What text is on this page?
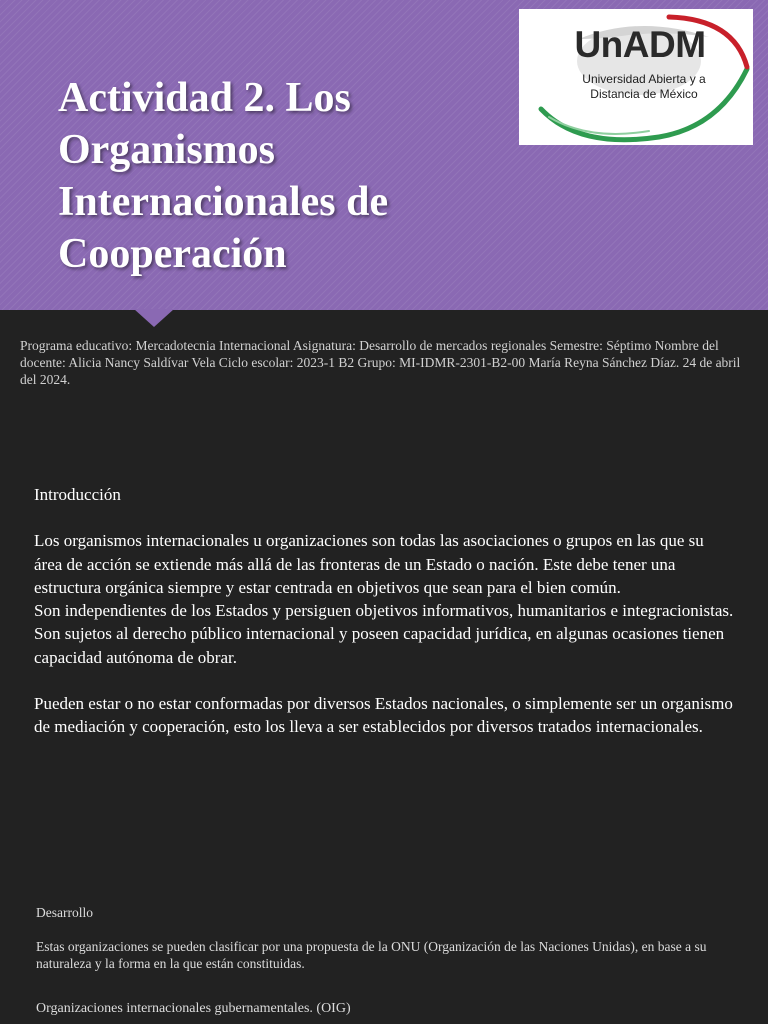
Actividad 2. Los Organismos Internacionales de Cooperación
UnADM
Universidad Abierta y a
Distancia de México

Programa educativo: Mercadotecnia Internacional Asignatura: Desarrollo de mercados regionales Semestre: Séptimo Nombre del docente: Alicia Nancy Saldívar Vela Ciclo escolar: 2023-1 B2 Grupo: MI-IDMR-2301-B2-00 María Reyna Sánchez Díaz. 24 de abril del 2024.

Introducción

Los organismos internacionales u organizaciones son todas las asociaciones o grupos en las que su área de acción se extiende más allá de las fronteras de un Estado o nación. Este debe tener una estructura orgánica siempre y estar centrada en objetivos que sean para el bien común.

Son independientes de los Estados y persiguen objetivos informativos, humanitarios e integracionistas. Son sujetos al derecho público internacional y poseen capacidad jurídica, en algunas ocasiones tienen capacidad autónoma de obrar.

Pueden estar o no estar conformadas por diversos Estados nacionales, o simplemente ser un organismo de mediación y cooperación, esto los lleva a ser establecidos por diversos tratados internacionales.

Desarrollo

Estas organizaciones se pueden clasificar por una propuesta de la ONU (Organización de las Naciones Unidas), en base a su naturaleza y la forma en la que están constituidas.

Organizaciones internacionales gubernamentales. (OIG)
